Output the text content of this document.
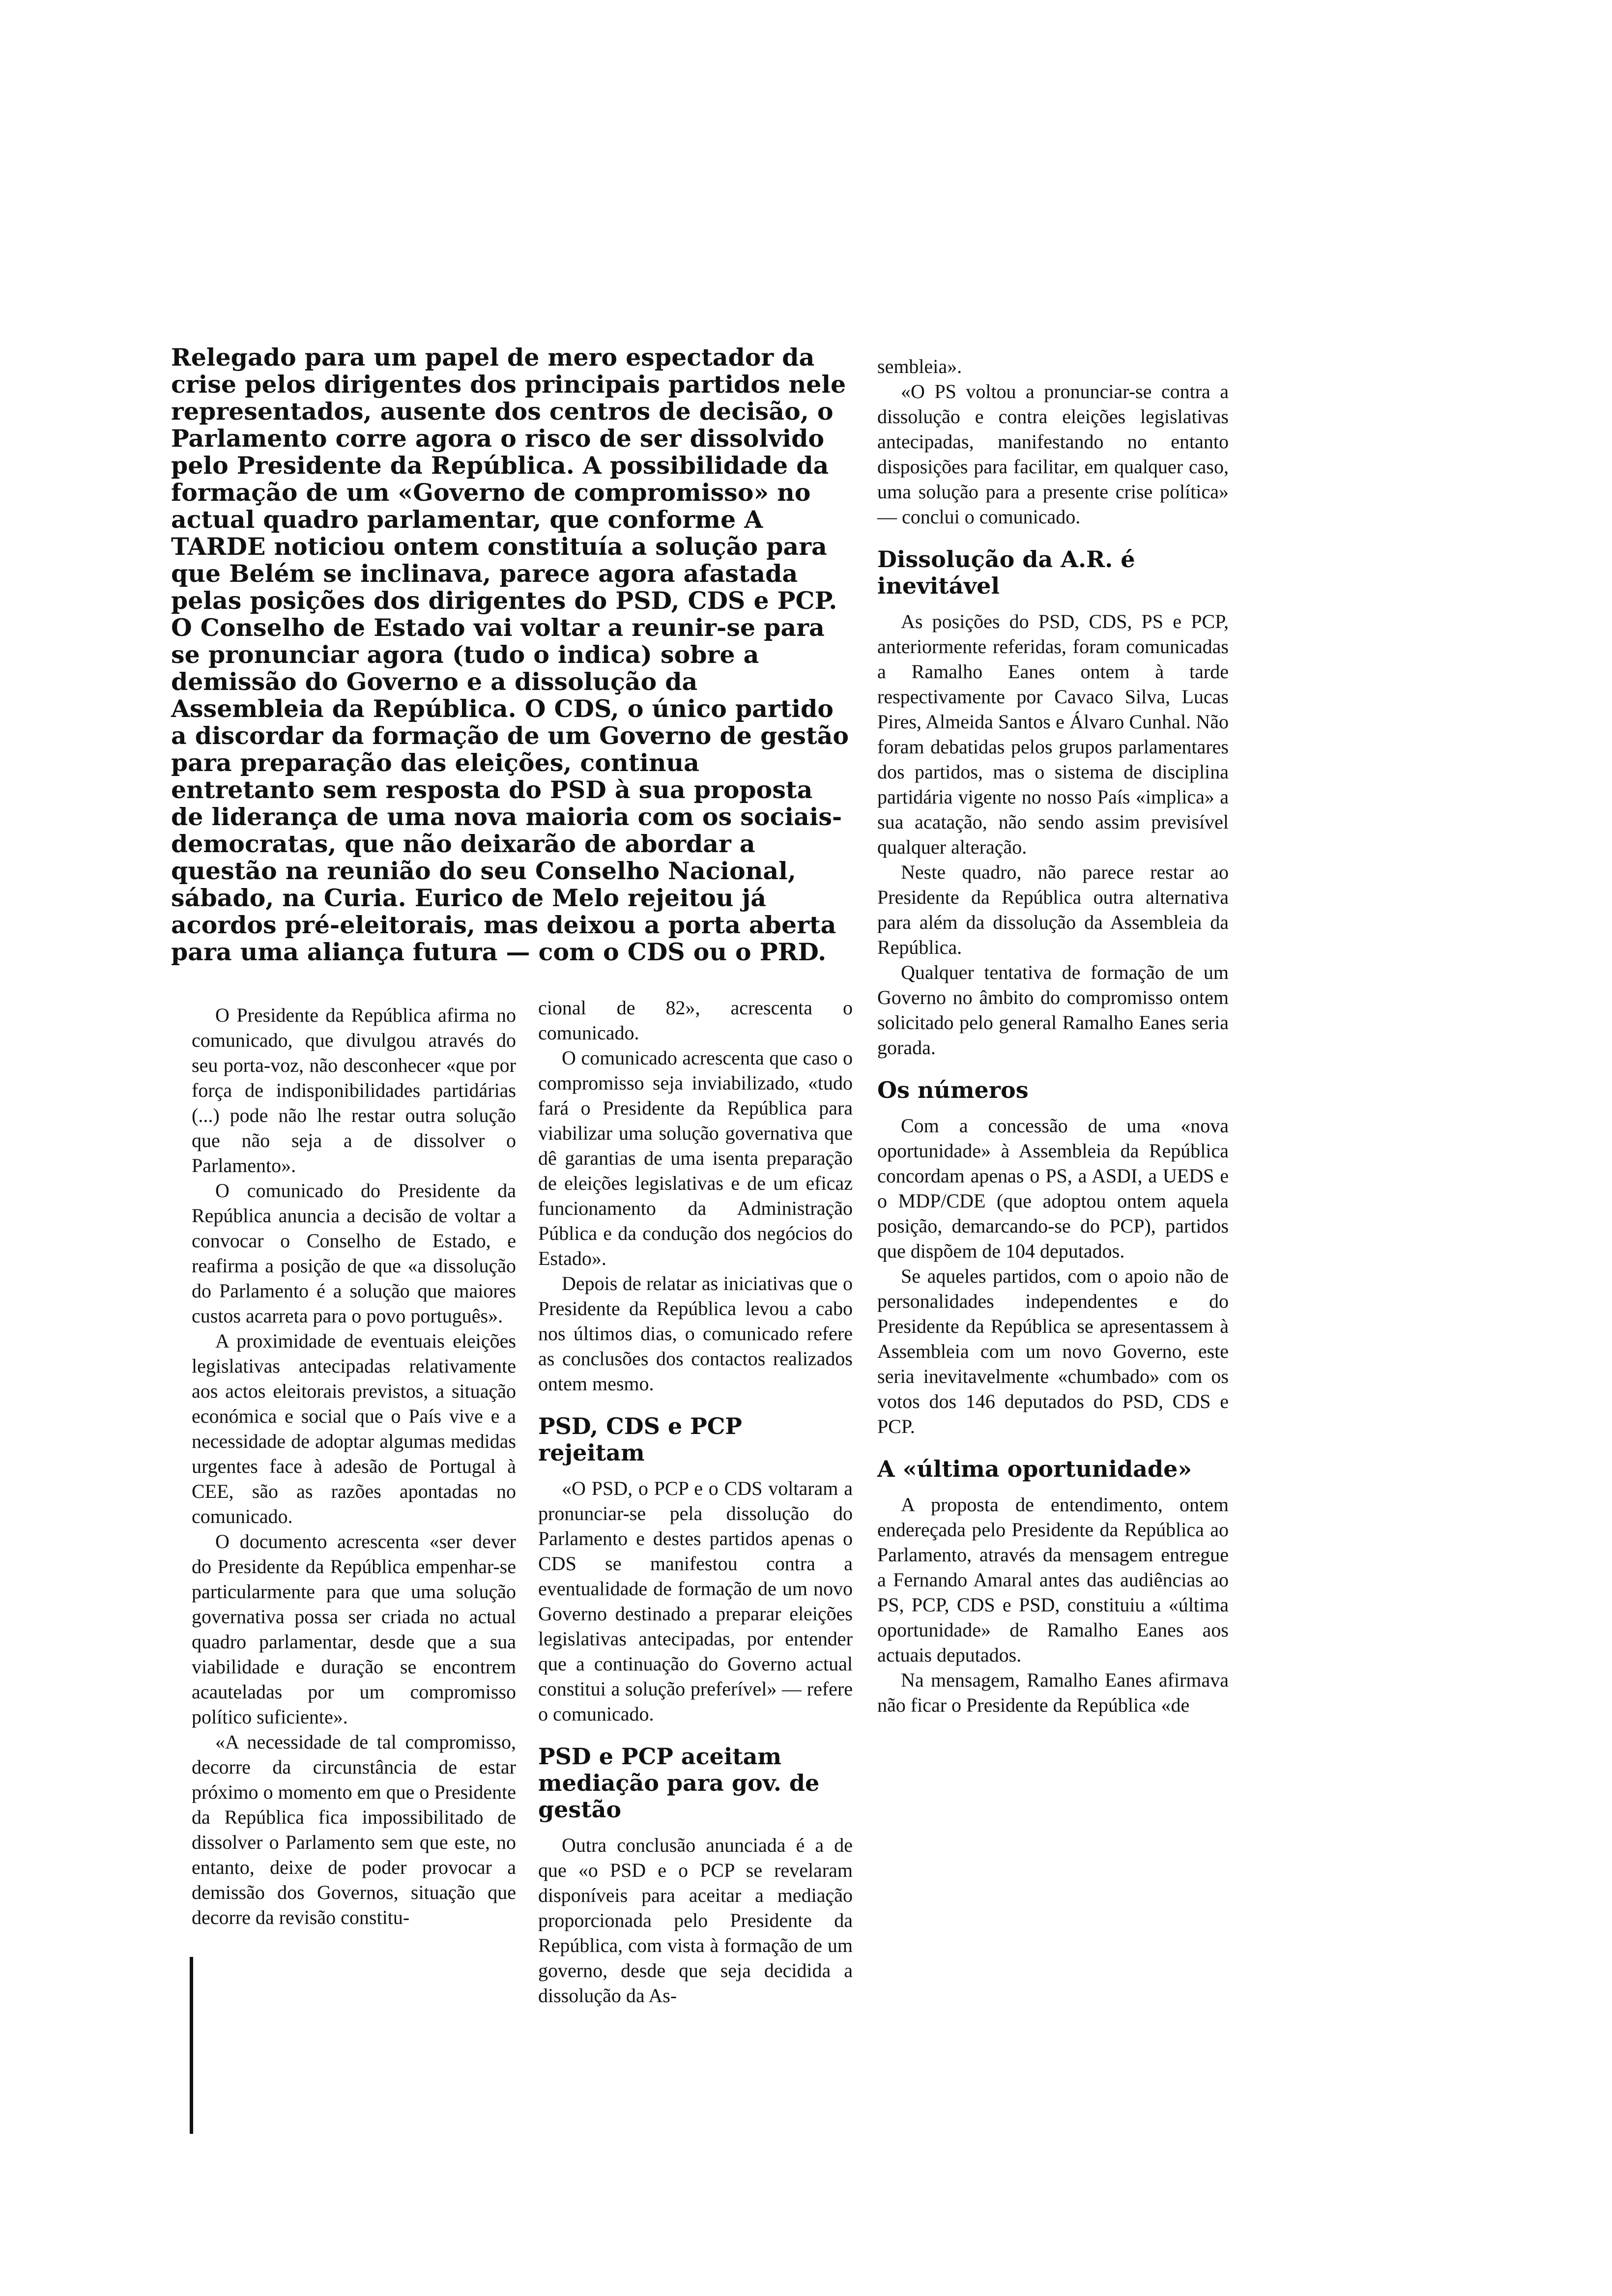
Relegado para um papel de mero espectador da crise pelos dirigentes dos principais partidos nele representados, ausente dos centros de decisão, o Parlamento corre agora o risco de ser dissolvido pelo Presidente da República. A possibilidade da formação de um «Governo de compromisso» no actual quadro parlamentar, que conforme A TARDE noticiou ontem constituía a solução para que Belém se inclinava, parece agora afastada pelas posições dos dirigentes do PSD, CDS e PCP. O Conselho de Estado vai voltar a reunir-se para se pronunciar agora (tudo o indica) sobre a demissão do Governo e a dissolução da Assembleia da República. O CDS, o único partido a discordar da formação de um Governo de gestão para preparação das eleições, continua entretanto sem resposta do PSD à sua proposta de liderança de uma nova maioria com os sociais-democratas, que não deixarão de abordar a questão na reunião do seu Conselho Nacional, sábado, na Curia. Eurico de Melo rejeitou já acordos pré-eleitorais, mas deixou a porta aberta para uma aliança futura — com o CDS ou o PRD.

O Presidente da República afirma no comunicado, que divulgou através do seu porta-voz, não desconhecer «que por força de indisponibilidades partidárias (...) pode não lhe restar outra solução que não seja a de dissolver o Parlamento».

O comunicado do Presidente da República anuncia a decisão de voltar a convocar o Conselho de Estado, e reafirma a posição de que «a dissolução do Parlamento é a solução que maiores custos acarreta para o povo português».

A proximidade de eventuais eleições legislativas antecipadas relativamente aos actos eleitorais previstos, a situação económica e social que o País vive e a necessidade de adoptar algumas medidas urgentes face à adesão de Portugal à CEE, são as razões apontadas no comunicado.

O documento acrescenta «ser dever do Presidente da República empenhar-se particularmente para que uma solução governativa possa ser criada no actual quadro parlamentar, desde que a sua viabilidade e duração se encontrem acauteladas por um compromisso político suficiente».

«A necessidade de tal compromisso, decorre da circunstância de estar próximo o momento em que o Presidente da República fica impossibilitado de dissolver o Parlamento sem que este, no entanto, deixe de poder provocar a demissão dos Governos, situação que decorre da revisão constitu-

cional de 82», acrescenta o comunicado.

O comunicado acrescenta que caso o compromisso seja inviabilizado, «tudo fará o Presidente da República para viabilizar uma solução governativa que dê garantias de uma isenta preparação de eleições legislativas e de um eficaz funcionamento da Administração Pública e da condução dos negócios do Estado».

Depois de relatar as iniciativas que o Presidente da República levou a cabo nos últimos dias, o comunicado refere as conclusões dos contactos realizados ontem mesmo.

PSD, CDS e PCP rejeitam

«O PSD, o PCP e o CDS voltaram a pronunciar-se pela dissolução do Parlamento e destes partidos apenas o CDS se manifestou contra a eventualidade de formação de um novo Governo destinado a preparar eleições legislativas antecipadas, por entender que a continuação do Governo actual constitui a solução preferível» — refere o comunicado.

PSD e PCP aceitam mediação para gov. de gestão

Outra conclusão anunciada é a de que «o PSD e o PCP se revelaram disponíveis para aceitar a mediação proporcionada pelo Presidente da República, com vista à formação de um governo, desde que seja decidida a dissolução da As-

sembleia».

«O PS voltou a pronunciar-se contra a dissolução e contra eleições legislativas antecipadas, manifestando no entanto disposições para facilitar, em qualquer caso, uma solução para a presente crise política» — conclui o comunicado.

Dissolução da A.R. é inevitável

As posições do PSD, CDS, PS e PCP, anteriormente referidas, foram comunicadas a Ramalho Eanes ontem à tarde respectivamente por Cavaco Silva, Lucas Pires, Almeida Santos e Álvaro Cunhal. Não foram debatidas pelos grupos parlamentares dos partidos, mas o sistema de disciplina partidária vigente no nosso País «implica» a sua acatação, não sendo assim previsível qualquer alteração.

Neste quadro, não parece restar ao Presidente da República outra alternativa para além da dissolução da Assembleia da República.

Qualquer tentativa de formação de um Governo no âmbito do compromisso ontem solicitado pelo general Ramalho Eanes seria gorada.

Os números

Com a concessão de uma «nova oportunidade» à Assembleia da República concordam apenas o PS, a ASDI, a UEDS e o MDP/CDE (que adoptou ontem aquela posição, demarcando-se do PCP), partidos que dispõem de 104 deputados.

Se aqueles partidos, com o apoio não de personalidades independentes e do Presidente da República se apresentassem à Assembleia com um novo Governo, este seria inevitavelmente «chumbado» com os votos dos 146 deputados do PSD, CDS e PCP.

A «última oportunidade»

A proposta de entendimento, ontem endereçada pelo Presidente da República ao Parlamento, através da mensagem entregue a Fernando Amaral antes das audiências ao PS, PCP, CDS e PSD, constituiu a «última oportunidade» de Ramalho Eanes aos actuais deputados.

Na mensagem, Ramalho Eanes afirmava não ficar o Presidente da República «de
